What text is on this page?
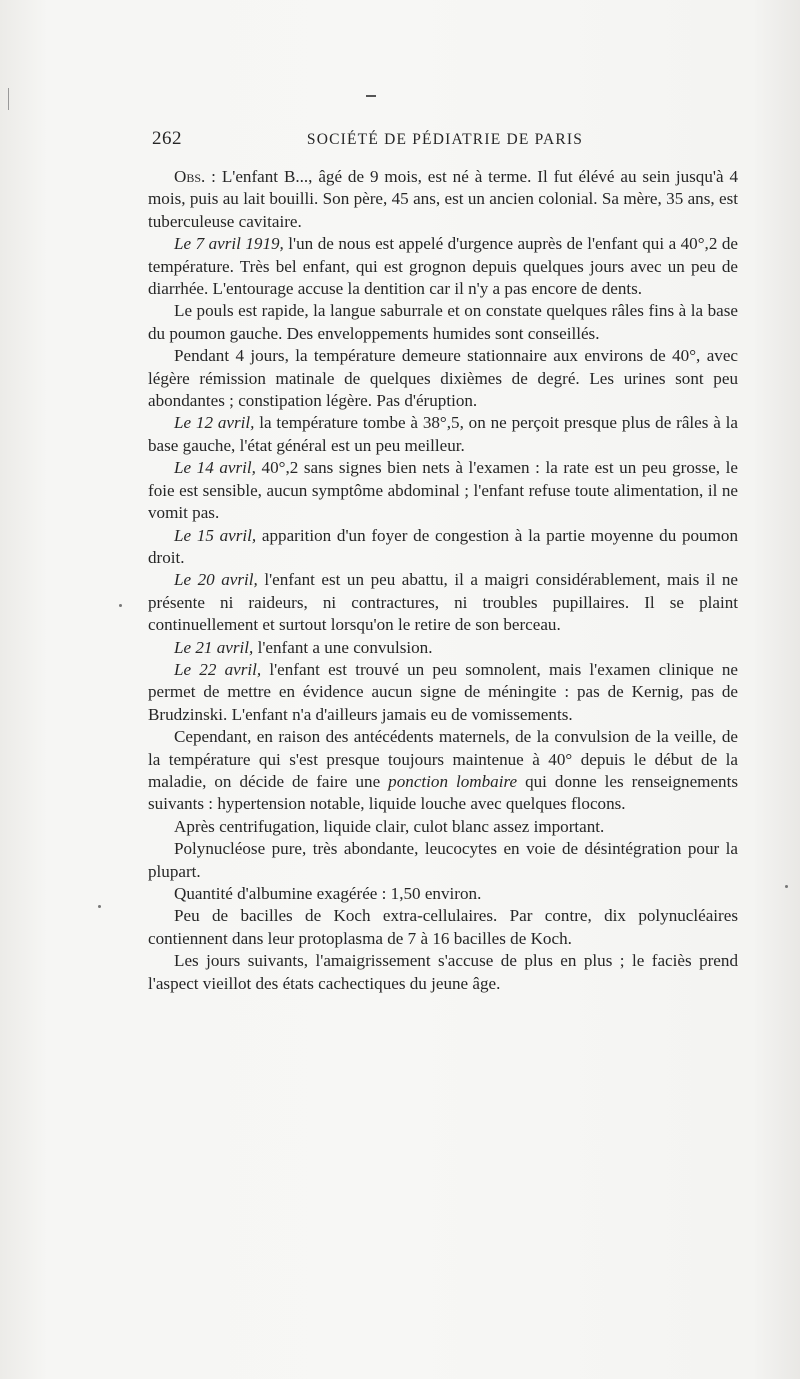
262	SOCIÉTÉ DE PÉDIATRIE DE PARIS

Obs. : L'enfant B..., âgé de 9 mois, est né à terme. Il fut élévé au sein jusqu'à 4 mois, puis au lait bouilli. Son père, 45 ans, est un ancien colonial. Sa mère, 35 ans, est tuberculeuse cavitaire.

Le 7 avril 1919, l'un de nous est appelé d'urgence auprès de l'enfant qui a 40°,2 de température. Très bel enfant, qui est grognon depuis quelques jours avec un peu de diarrhée. L'entourage accuse la dentition car il n'y a pas encore de dents.

Le pouls est rapide, la langue saburrale et on constate quelques râles fins à la base du poumon gauche. Des enveloppements humides sont conseillés.

Pendant 4 jours, la température demeure stationnaire aux environs de 40°, avec légère rémission matinale de quelques dixièmes de degré. Les urines sont peu abondantes ; constipation légère. Pas d'éruption.

Le 12 avril, la température tombe à 38°,5, on ne perçoit presque plus de râles à la base gauche, l'état général est un peu meilleur.

Le 14 avril, 40°,2 sans signes bien nets à l'examen : la rate est un peu grosse, le foie est sensible, aucun symptôme abdominal ; l'enfant refuse toute alimentation, il ne vomit pas.

Le 15 avril, apparition d'un foyer de congestion à la partie moyenne du poumon droit.

Le 20 avril, l'enfant est un peu abattu, il a maigri considérablement, mais il ne présente ni raideurs, ni contractures, ni troubles pupillaires. Il se plaint continuellement et surtout lorsqu'on le retire de son berceau.

Le 21 avril, l'enfant a une convulsion.

Le 22 avril, l'enfant est trouvé un peu somnolent, mais l'examen clinique ne permet de mettre en évidence aucun signe de méningite : pas de Kernig, pas de Brudzinski. L'enfant n'a d'ailleurs jamais eu de vomissements.

Cependant, en raison des antécédents maternels, de la convulsion de la veille, de la température qui s'est presque toujours maintenue à 40° depuis le début de la maladie, on décide de faire une ponction lombaire qui donne les renseignements suivants : hypertension notable, liquide louche avec quelques flocons.

Après centrifugation, liquide clair, culot blanc assez important.

Polynucléose pure, très abondante, leucocytes en voie de désintégration pour la plupart.

Quantité d'albumine exagérée : 1,50 environ.

Peu de bacilles de Koch extra-cellulaires. Par contre, dix polynucléaires contiennent dans leur protoplasma de 7 à 16 bacilles de Koch.

Les jours suivants, l'amaigrissement s'accuse de plus en plus ; le faciès prend l'aspect vieillot des états cachectiques du jeune âge.
